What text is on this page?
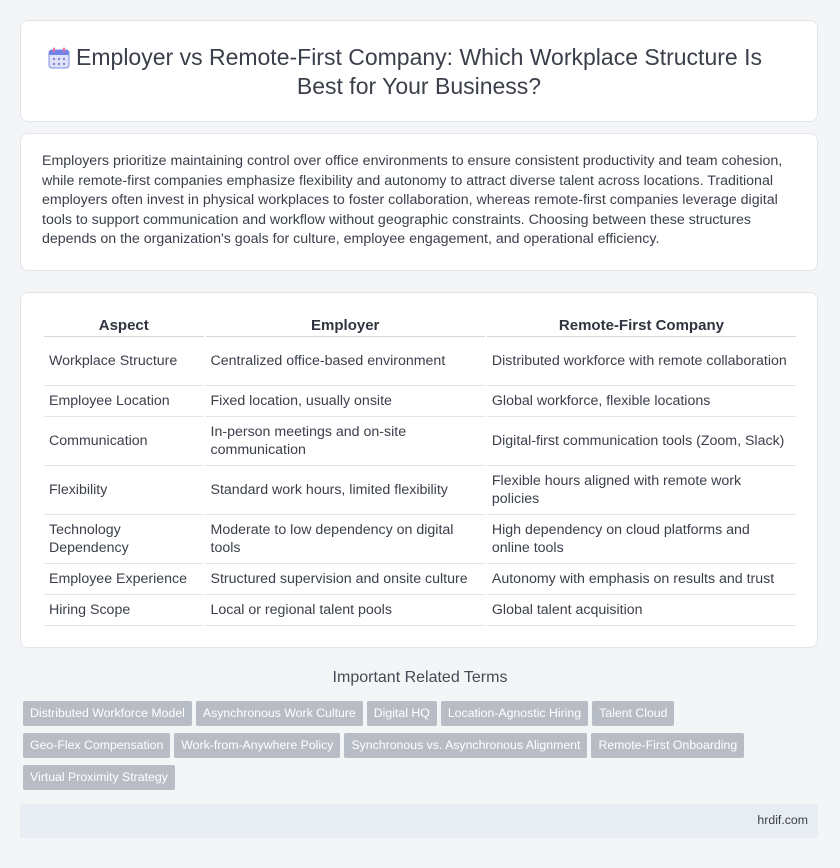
Employer vs Remote-First Company: Which Workplace Structure Is Best for Your Business?
Employers prioritize maintaining control over office environments to ensure consistent productivity and team cohesion, while remote-first companies emphasize flexibility and autonomy to attract diverse talent across locations. Traditional employers often invest in physical workplaces to foster collaboration, whereas remote-first companies leverage digital tools to support communication and workflow without geographic constraints. Choosing between these structures depends on the organization's goals for culture, employee engagement, and operational efficiency.
Aspect	Employer	Remote-First Company
Workplace Structure	Centralized office-based environment	Distributed workforce with remote collaboration
Employee Location	Fixed location, usually onsite	Global workforce, flexible locations
Communication	In-person meetings and on-site communication	Digital-first communication tools (Zoom, Slack)
Flexibility	Standard work hours, limited flexibility	Flexible hours aligned with remote work policies
Technology Dependency	Moderate to low dependency on digital tools	High dependency on cloud platforms and online tools
Employee Experience	Structured supervision and onsite culture	Autonomy with emphasis on results and trust
Hiring Scope	Local or regional talent pools	Global talent acquisition
Important Related Terms
Distributed Workforce Model Asynchronous Work Culture Digital HQ Location-Agnostic Hiring Talent Cloud
Geo-Flex Compensation Work-from-Anywhere Policy Synchronous vs. Asynchronous Alignment Remote-First Onboarding
Virtual Proximity Strategy
hrdif.com
